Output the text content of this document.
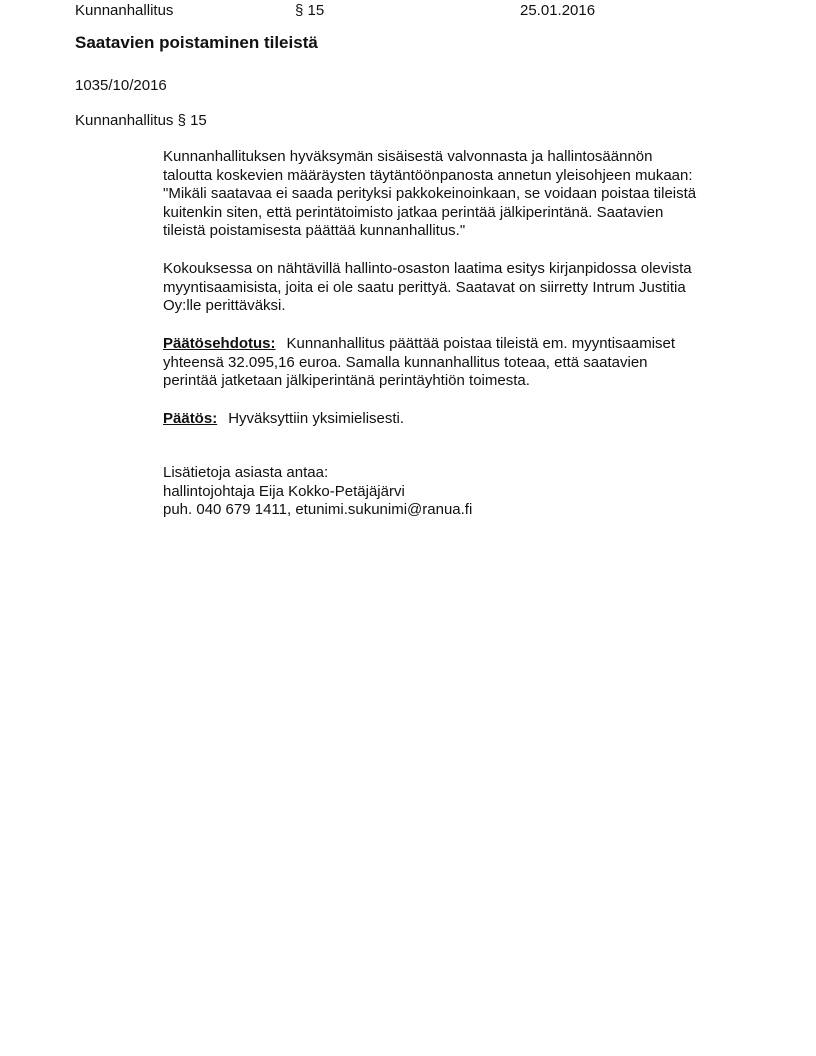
Kunnanhallitus	§ 15	25.01.2016
Saatavien poistaminen tileistä
1035/10/2016
Kunnanhallitus § 15
Kunnanhallituksen hyväksymän sisäisestä valvonnasta ja hallintosäännön
taloutta koskevien määräysten täytäntöönpanosta annetun yleisohjeen mukaan:
"Mikäli saatavaa ei saada perityksi pakkokeinoinkaan, se voidaan poistaa tileistä
kuitenkin siten, että perintätoimisto jatkaa perintää jälkiperintänä. Saatavien
tileistä poistamisesta päättää kunnanhallitus."
Kokouksessa on nähtävillä hallinto-osaston laatima esitys kirjanpidossa olevista
myyntisaamisista, joita ei ole saatu perittyä. Saatavat on siirretty Intrum Justitia
Oy:lle perittäväksi.
Päätösehdotus: Kunnanhallitus päättää poistaa tileistä em. myyntisaamiset
yhteensä 32.095,16 euroa. Samalla kunnanhallitus toteaa, että saatavien
perintää jatketaan jälkiperintänä perintäyhtiön toimesta.
Päätös: Hyväksyttiin yksimielisesti.
Lisätietoja asiasta antaa:
hallintojohtaja Eija Kokko-Petäjäjärvi
puh. 040 679 1411, etunimi.sukunimi@ranua.fi
